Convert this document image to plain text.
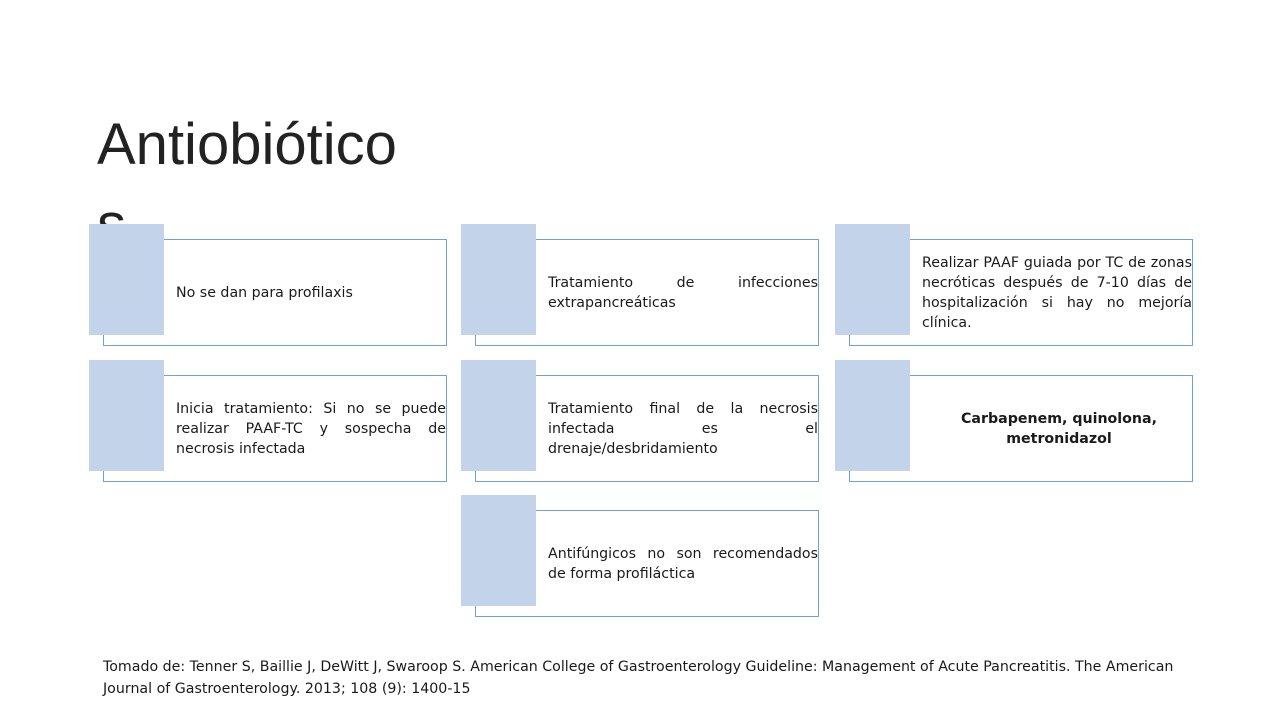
Antiobiótico
No se dan para profilaxis
Inicia tratamiento: Si no se puede realizar PAAF-TC y sospecha de necrosis infectada
Tratamiento de infecciones extrapancreáticas
Tratamiento final de la necrosis infectada es el drenaje/desbridamiento
Antifúngicos no son recomendados de forma profiláctica
Realizar PAAF guiada por TC de zonas necróticas después de 7-10 días de hospitalización si hay no mejoría clínica.
Carbapenem, quinolona, metronidazol
Tomado de: Tenner S, Baillie J, DeWitt J, Swaroop S. American College of Gastroenterology Guideline: Management of Acute Pancreatitis. The American Journal of Gastroenterology. 2013; 108 (9): 1400-15
